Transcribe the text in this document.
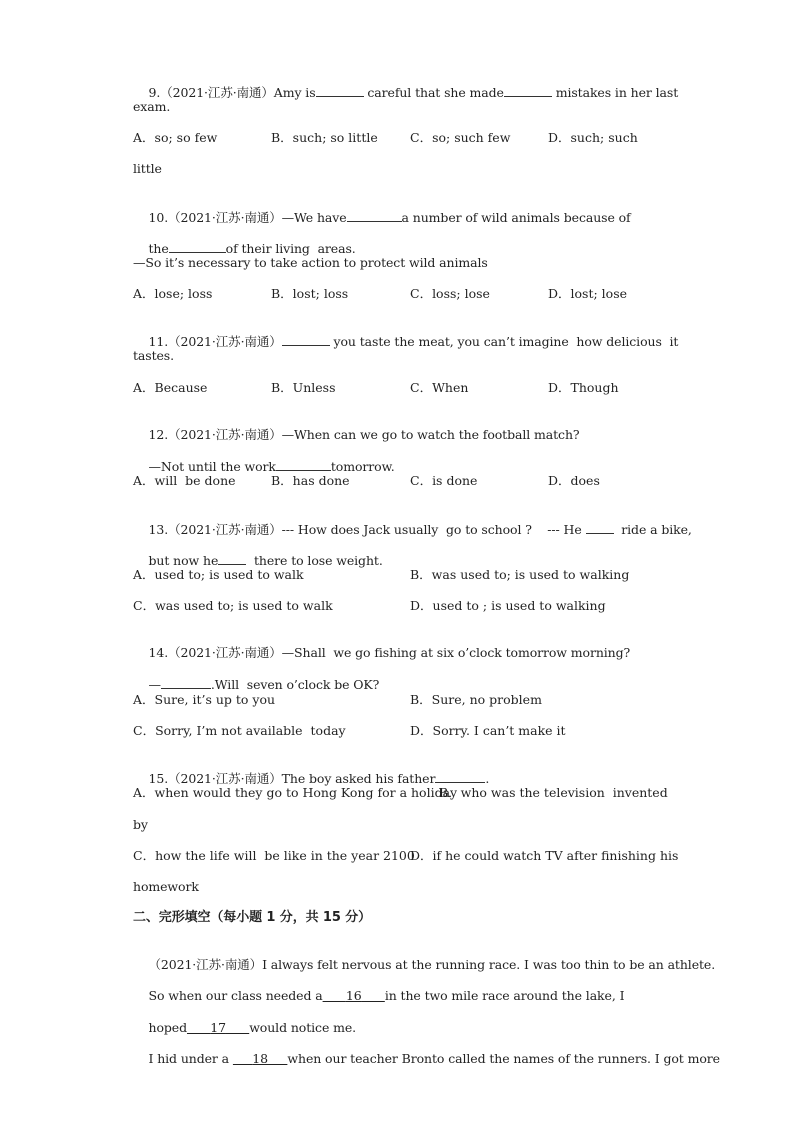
9.（2021·江苏·南通）Amy is	careful that she made	mistakes in her last

exam.
A．so; so few	B．such; so little	C．so; such few	D．such; such
little

10.（2021·江苏·南通）—We have	a number of wild animals because of

the	of their living  areas.

—So it’s necessary to take action to protect wild animals
A．lose; loss	B．lost; loss	C．loss; lose	D．lost; lose

11.（2021·江苏·南通）	you taste the meat, you can’t imagine  how delicious  it

tastes.
A．Because	B．Unless	C．When	D．Though

12.（2021·江苏·南通）—When can we go to watch the football match?

—Not until the work	tomorrow.

A．will  be done	B．has done	C．is done	D．does

13.（2021·江苏·南通）--- How does Jack usually  go to school ?    --- He   ride a bike,

but now he  there to lose weight.

A．used to; is used to walk	B．was used to; is used to walking
C．was used to; is used to walk	D．used to ; is used to walking

14.（2021·江苏·南通）—Shall  we go fishing at six o’clock tomorrow morning?

—	.Will  seven o’clock be OK?

A．Sure, it’s up to you	B．Sure, no problem
C．Sorry, I’m not available  today	D．Sorry. I can’t make it

15.（2021·江苏·南通）The boy asked his father	.

A．when would they go to Hong Kong for a holiday
B．who was the television  invented
by
C．how the life will  be like in the year 2100
D．if he could watch TV after finishing his
homework
二、完形填空（每小题 1 分，共 15 分）

（2021·江苏·南通）I always felt nervous at the running race. I was too thin to be an athlete.

So when our class needed a 16 in the two mile race around the lake, I

hoped 17 would notice me.

I hid under a      18 when our teacher Bronto called the names of the runners. I got more
